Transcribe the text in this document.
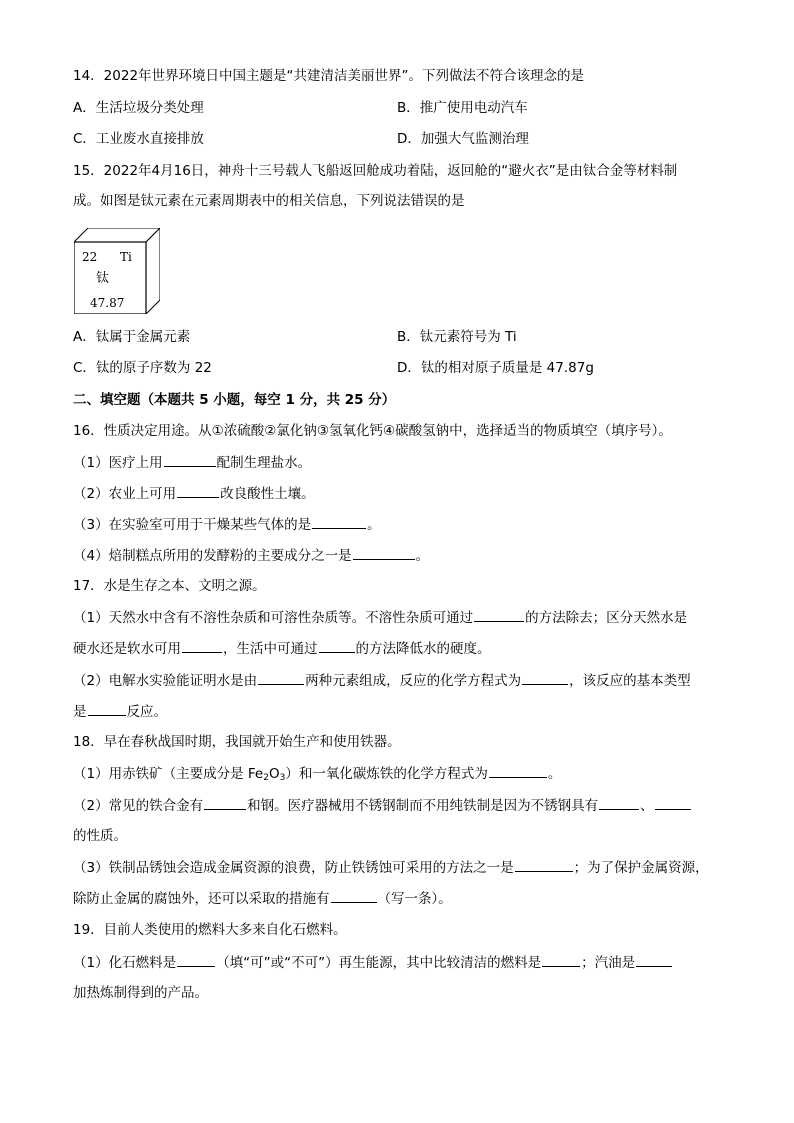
14．2022年世界环境日中国主题是“共建清洁美丽世界”。下列做法不符合该理念的是
A．生活垃圾分类处理	B．推广使用电动汽车
C．工业废水直接排放	D．加强大气监测治理
15．2022年4月16日，神舟十三号载人飞船返回舱成功着陆，返回舱的“避火衣”是由钛合金等材料制
成。如图是钛元素在元素周期表中的相关信息，下列说法错误的是
22 Ti
钛
47.87
A．钛属于金属元素	B．钛元素符号为 Ti
C．钛的原子序数为 22	D．钛的相对原子质量是 47.87g
二、填空题（本题共 5 小题，每空 1 分，共 25 分）
16．性质决定用途。从①浓硫酸②氯化钠③氢氧化钙④碳酸氢钠中，选择适当的物质填空（填序号）。
（1）医疗上用	配制生理盐水。
（2）农业上可用	改良酸性土壤。
（3）在实验室可用于干燥某些气体的是	。
（4）焙制糕点所用的发酵粉的主要成分之一是	。
17．水是生存之本、文明之源。
（1）天然水中含有不溶性杂质和可溶性杂质等。不溶性杂质可通过	的方法除去；区分天然水是
硬水还是软水可用	，生活中可通过	的方法降低水的硬度。
（2）电解水实验能证明水是由	两种元素组成，反应的化学方程式为	，该反应的基本类型
是	反应。
18．早在春秋战国时期，我国就开始生产和使用铁器。
（1）用赤铁矿（主要成分是 $Fe_2O_3$）和一氧化碳炼铁的化学方程式为	。
（2）常见的铁合金有	和钢。医疗器械用不锈钢制而不用纯铁制是因为不锈钢具有	、
的性质。
（3）铁制品锈蚀会造成金属资源的浪费，防止铁锈蚀可采用的方法之一是	；为了保护金属资源，
除防止金属的腐蚀外，还可以采取的措施有	（写一条）。
19．目前人类使用的燃料大多来自化石燃料。
（1）化石燃料是	（填“可”或“不可”）再生能源，其中比较清洁的燃料是	；汽油是
加热炼制得到的产品。
